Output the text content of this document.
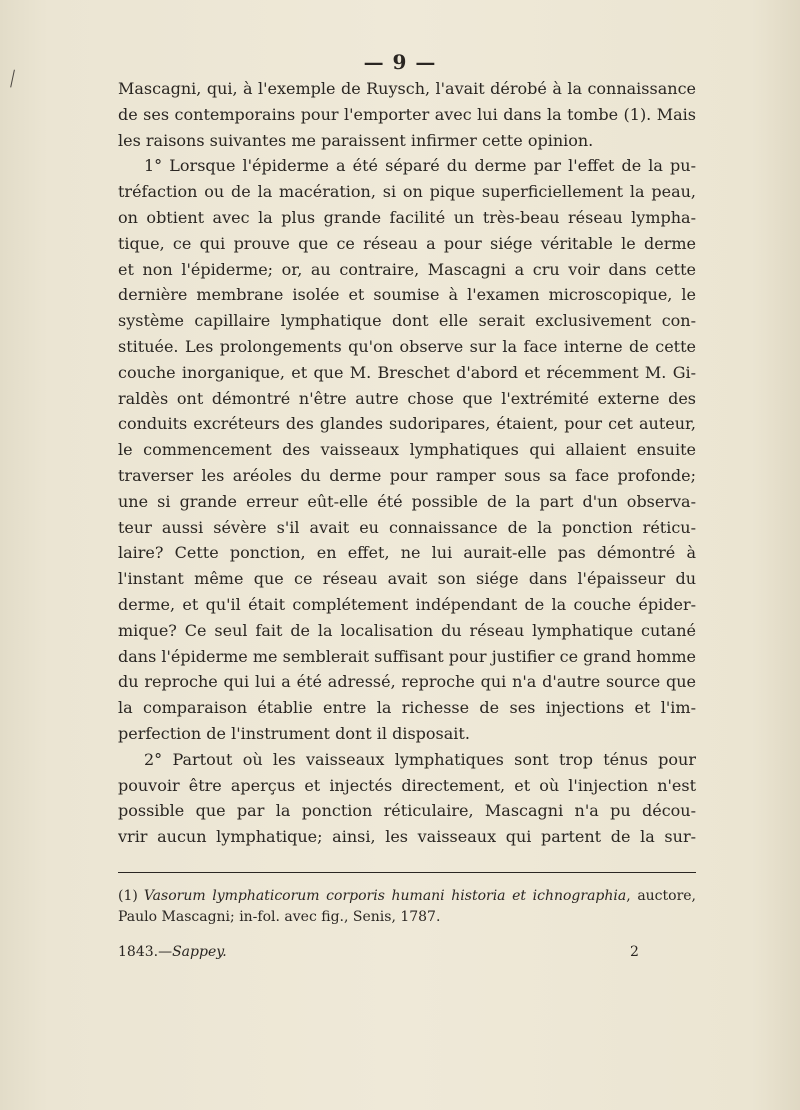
— 9 —

Mascagni, qui, à l'exemple de Ruysch, l'avait dérobé à la connaissance
de ses contemporains pour l'emporter avec lui dans la tombe (1). Mais
les raisons suivantes me paraissent infirmer cette opinion.
1° Lorsque l'épiderme a été séparé du derme par l'effet de la pu-
tréfaction ou de la macération, si on pique superficiellement la peau,
on obtient avec la plus grande facilité un très-beau réseau lympha-
tique, ce qui prouve que ce réseau a pour siége véritable le derme
et non l'épiderme; or, au contraire, Mascagni a cru voir dans cette
dernière membrane isolée et soumise à l'examen microscopique, le
système capillaire lymphatique dont elle serait exclusivement con-
stituée. Les prolongements qu'on observe sur la face interne de cette
couche inorganique, et que M. Breschet d'abord et récemment M. Gi-
raldès ont démontré n'être autre chose que l'extrémité externe des
conduits excréteurs des glandes sudoripares, étaient, pour cet auteur,
le commencement des vaisseaux lymphatiques qui allaient ensuite
traverser les aréoles du derme pour ramper sous sa face profonde;
une si grande erreur eût-elle été possible de la part d'un observa-
teur aussi sévère s'il avait eu connaissance de la ponction réticu-
laire? Cette ponction, en effet, ne lui aurait-elle pas démontré à
l'instant même que ce réseau avait son siége dans l'épaisseur du
derme, et qu'il était complétement indépendant de la couche épider-
mique? Ce seul fait de la localisation du réseau lymphatique cutané
dans l'épiderme me semblerait suffisant pour justifier ce grand homme
du reproche qui lui a été adressé, reproche qui n'a d'autre source que
la comparaison établie entre la richesse de ses injections et l'im-
perfection de l'instrument dont il disposait.
2° Partout où les vaisseaux lymphatiques sont trop ténus pour
pouvoir être aperçus et injectés directement, et où l'injection n'est
possible que par la ponction réticulaire, Mascagni n'a pu décou-
vrir aucun lymphatique; ainsi, les vaisseaux qui partent de la sur-
(1) Vasorum lymphaticorum corporis humani historia et ichnographia, auctore,
Paulo Mascagni; in-fol. avec fig., Senis, 1787.

1843.—Sappey.	2
